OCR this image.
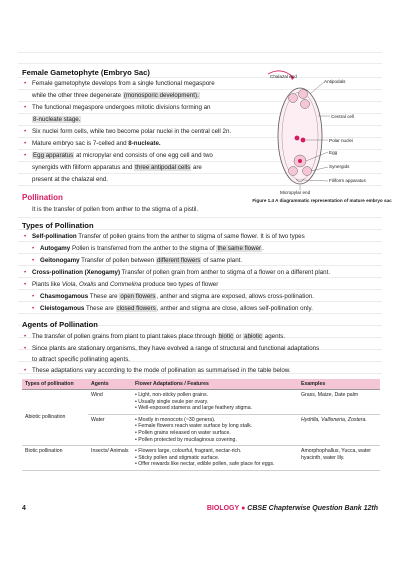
Female Gametophyte (Embryo Sac)
• Female gametophyte develops from a single functional megaspore
while the other three degenerate (monosporic development).
• The functional megaspore undergoes mitotic divisions forming an
8-nucleate stage.
• Six nuclei form cells, while two become polar nuclei in the central cell 2n.
• Mature embryo sac is 7-celled and 8-nucleate.
• Egg apparatus at micropylar end consists of one egg cell and two
synergids with filiform apparatus and three antipodal cells are
present at the chalazal end.
Chalazal end
Antipodals
Central cell
Polar nuclei
Egg
Synergids
Filiform apparatus
Micropylar end
Figure 1.4 A diagrammatic representation of mature embryo sac
Pollination
It is the transfer of pollen from anther to the stigma of a pistil.
Types of Pollination
• Self-pollination Transfer of pollen grains from the anther to stigma of same flower. It is of two types
• Autogamy Pollen is transferred from the anther to the stigma of the same flower.
• Geitonogamy Transfer of pollen between different flowers of same plant.
• Cross-pollination (Xenogamy) Transfer of pollen grain from anther to stigma of a flower on a different plant.
• Plants like Viola, Oxalis and Commelina produce two types of flower
• Chasmogamous These are open flowers, anther and stigma are exposed, allows cross-pollination.
• Cleistogamous These are closed flowers, anther and stigma are close, allows self-pollination only.
Agents of Pollination
• The transfer of pollen grains from plant to plant takes place through biotic or abiotic agents.
• Since plants are stationary organisms, they have evolved a range of structural and functional adaptations
to attract specific pollinating agents.
• These adaptations vary according to the mode of pollination as summarised in the table below.
Types of pollination	Agents	Flower Adaptations / Features	Examples
Abiotic pollination	Wind	• Light, non-sticky pollen grains.
• Usually single ovule per ovary.
• Well-exposed stamens and large feathery stigma.	Grass, Maize, Date palm
	Water	• Mostly in monocots (~30 genera).
• Female flowers reach water surface by long stalk.
• Pollen grains released on water surface.
• Pollen protected by mucilaginous covering.	Hydrilla, Vallisneria, Zostera.
Biotic pollination	Insects/ Animals	• Flowers large, colourful, fragrant, nectar-rich.
• Sticky pollen and stigmatic surface.
• Offer rewards like nectar, edible pollen, safe place for eggs.	Amorphophallus, Yucca, water hyacinth, water lily.
4	BIOLOGY ● CBSE Chapterwise Question Bank 12th
